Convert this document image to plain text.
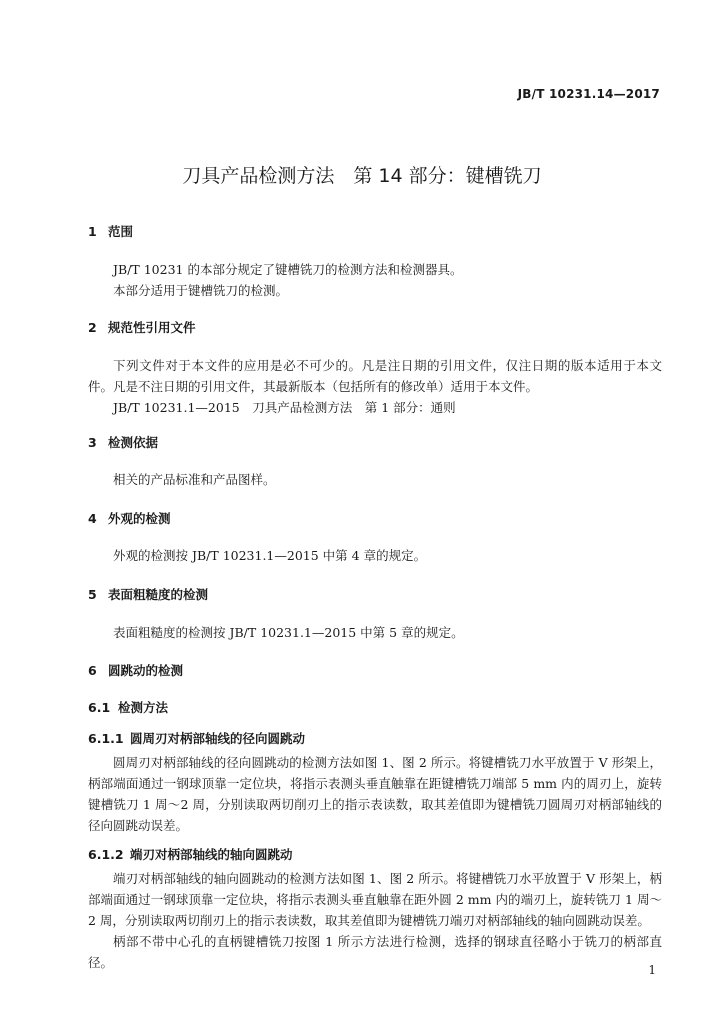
JB/T 10231.14—2017
刀具产品检测方法　第 14 部分：键槽铣刀
1 范围

JB/T 10231 的本部分规定了键槽铣刀的检测方法和检测器具。

本部分适用于键槽铣刀的检测。

2 规范性引用文件

下列文件对于本文件的应用是必不可少的。凡是注日期的引用文件，仅注日期的版本适用于本文件。凡是不注日期的引用文件，其最新版本（包括所有的修改单）适用于本文件。

JB/T 10231.1—2015　刀具产品检测方法　第 1 部分：通则

3 检测依据

相关的产品标准和产品图样。

4 外观的检测

外观的检测按 JB/T 10231.1—2015 中第 4 章的规定。

5 表面粗糙度的检测

表面粗糙度的检测按 JB/T 10231.1—2015 中第 5 章的规定。

6 圆跳动的检测
6.1 检测方法
6.1.1 圆周刃对柄部轴线的径向圆跳动

圆周刃对柄部轴线的径向圆跳动的检测方法如图 1、图 2 所示。将键槽铣刀水平放置于 V 形架上，柄部端面通过一钢球顶靠一定位块，将指示表测头垂直触靠在距键槽铣刀端部 5 mm 内的周刃上，旋转键槽铣刀 1 周～2 周，分别读取两切削刃上的指示表读数，取其差值即为键槽铣刀圆周刃对柄部轴线的径向圆跳动误差。

6.1.2 端刃对柄部轴线的轴向圆跳动

端刃对柄部轴线的轴向圆跳动的检测方法如图 1、图 2 所示。将键槽铣刀水平放置于 V 形架上，柄部端面通过一钢球顶靠一定位块，将指示表测头垂直触靠在距外圆 2 mm 内的端刃上，旋转铣刀 1 周～2 周，分别读取两切削刃上的指示表读数，取其差值即为键槽铣刀端刃对柄部轴线的轴向圆跳动误差。

柄部不带中心孔的直柄键槽铣刀按图 1 所示方法进行检测，选择的钢球直径略小于铣刀的柄部直径。	1
